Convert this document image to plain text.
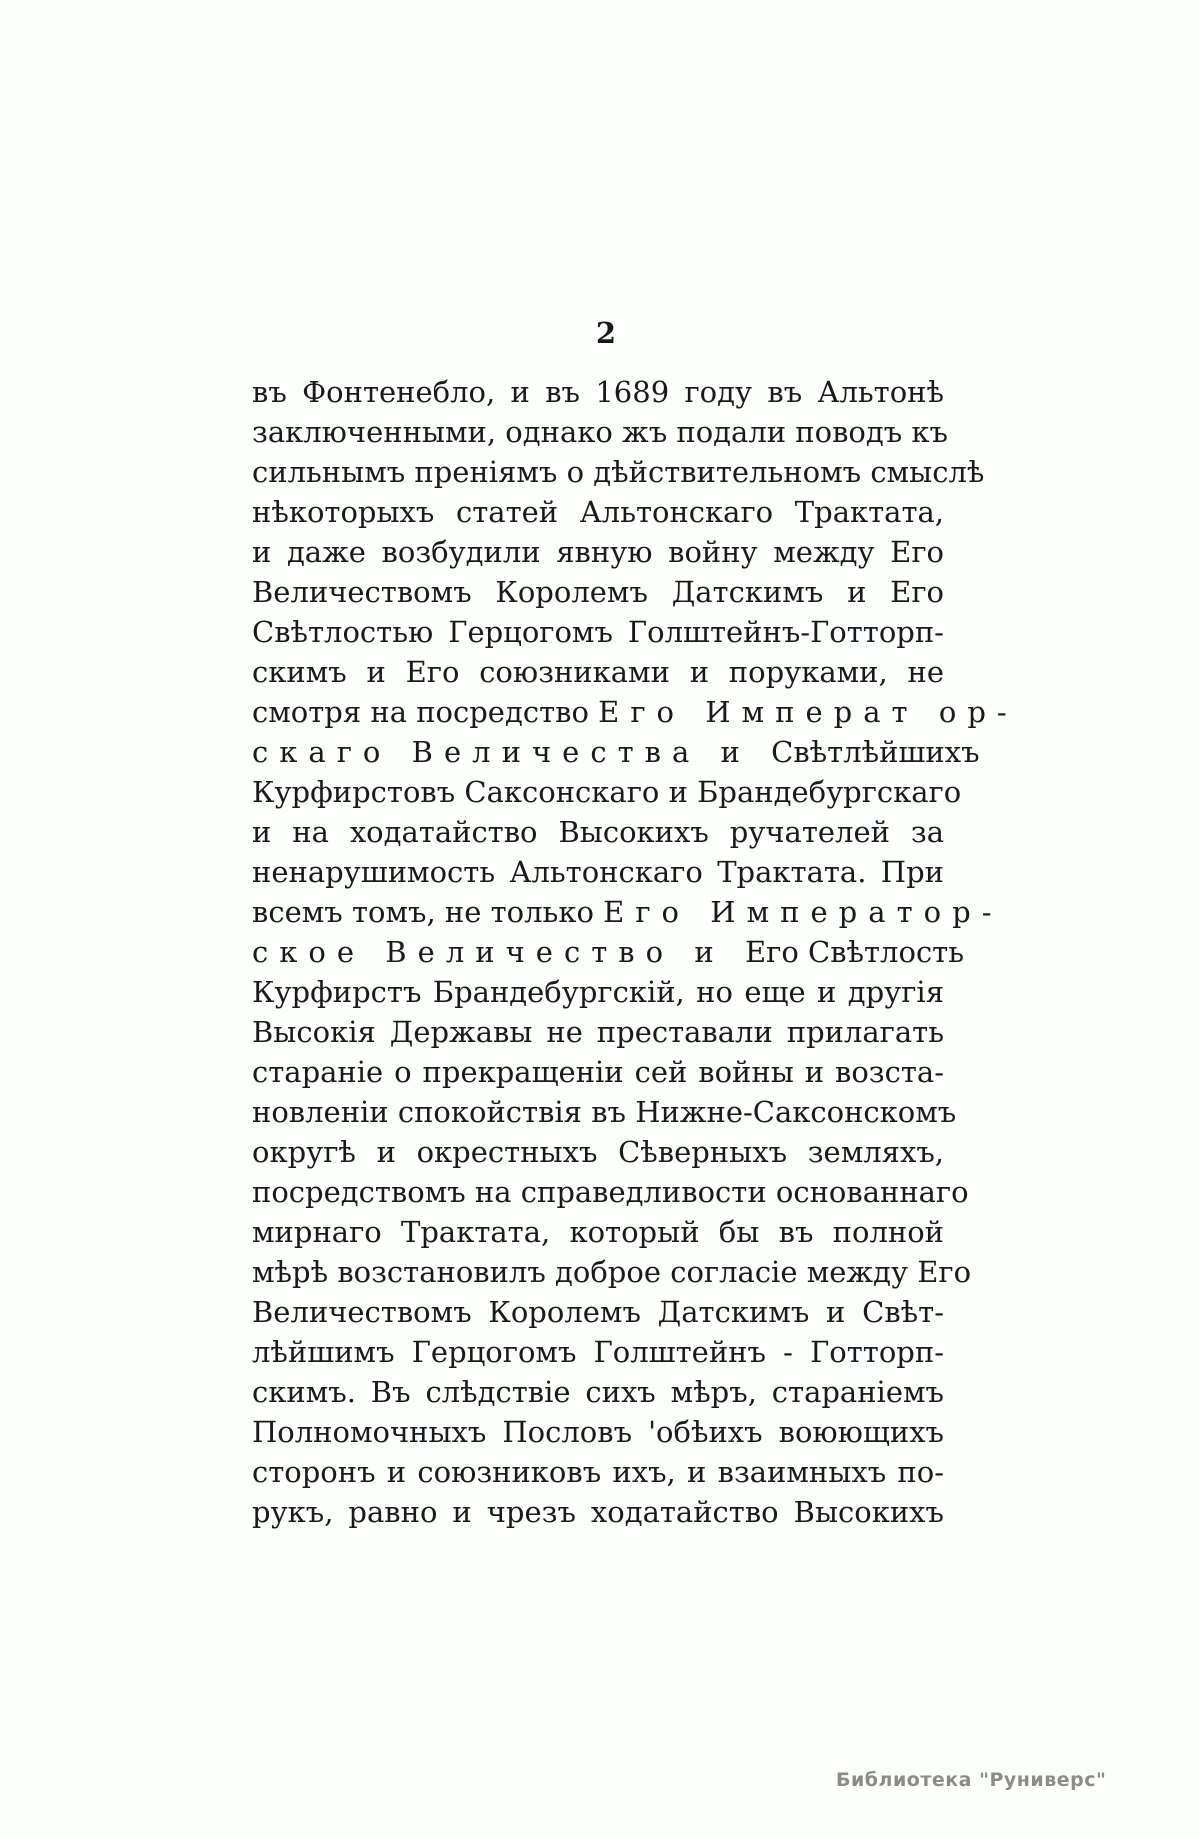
2
въ Фонтенебло, и въ 1689 году въ Альтонѣ
заключенными, однако жъ подали поводъ къ
сильнымъ преніямъ о дѣйствительномъ смыслѣ
нѣкоторыхъ статей Альтонскаго Трактата,
и даже возбудили явную войну между Его
Величествомъ Королемъ Датскимъ и Его
Свѣтлостью Герцогомъ Голштейнъ-Готторп-
скимъ и Его союзниками и поруками, не
смотря на посредство Его Императ ор-
скаго Величества и Свѣтлѣйшихъ
Курфирстовъ Саксонскаго и Брандебургскаго
и на ходатайство Высокихъ ручателей за
ненарушимость Альтонскаго Трактата. При
всемъ томъ, не только Его Император-
ское Величество и Его Свѣтлость
Курфирстъ Брандебургскій, но еще и другія
Высокія Державы не преставали прилагать
стараніе о прекращеніи сей войны и возста-
новленіи спокойствія въ Нижне-Саксонскомъ
округѣ и окрестныхъ Сѣверныхъ земляхъ,
посредствомъ на справедливости основаннаго
мирнаго Трактата, который бы въ полной
мѣрѣ возстановилъ доброе согласіе между Его
Величествомъ Королемъ Датскимъ и Свѣт-
лѣйшимъ Герцогомъ Голштейнъ - Готторп-
скимъ. Въ слѣдствіе сихъ мѣръ, стараніемъ
Полномочныхъ Пословъ 'обѣихъ воюющихъ
сторонъ и союзниковъ ихъ, и взаимныхъ по-
рукъ, равно и чрезъ ходатайство Высокихъ
Библиотека "Руниверс"
